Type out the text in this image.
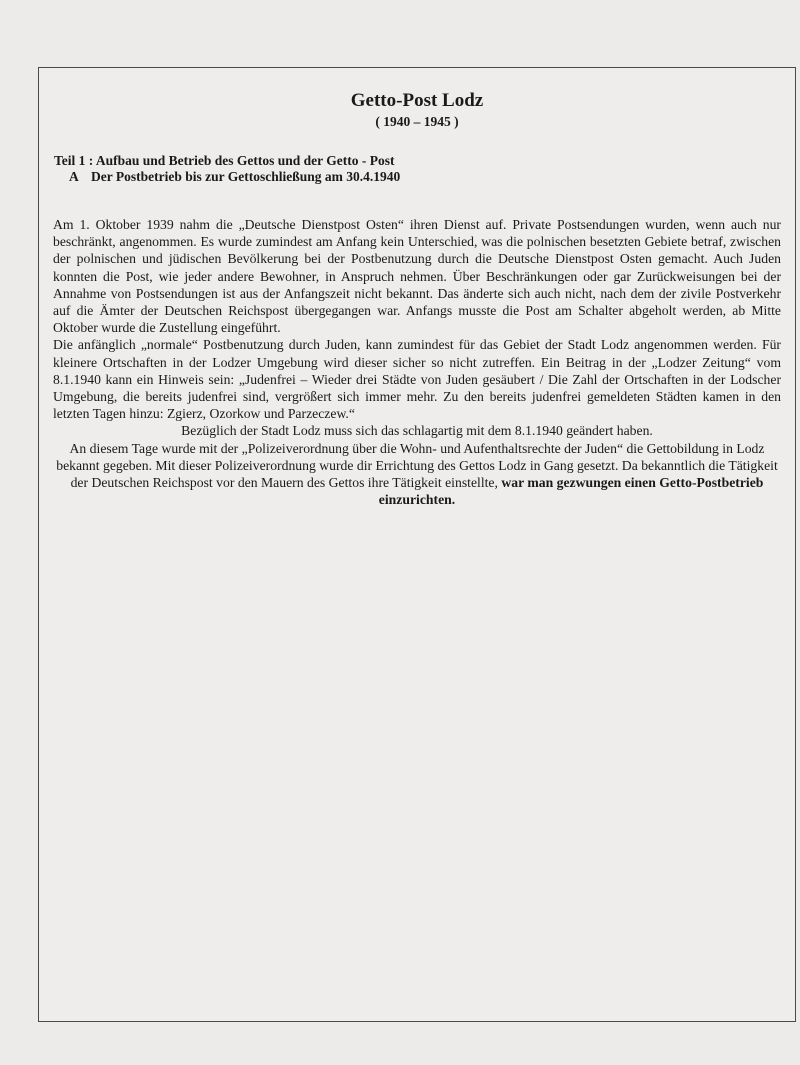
Getto-Post Lodz
( 1940 – 1945 )
Teil 1 : Aufbau und Betrieb des Gettos und der Getto - Post
A Der Postbetrieb bis zur Gettoschließung am 30.4.1940

Am 1. Oktober 1939 nahm die „Deutsche Dienstpost Osten“ ihren Dienst auf. Private Postsendungen wurden, wenn auch nur beschränkt, angenommen. Es wurde zumindest am Anfang kein Unterschied, was die polnischen besetzten Gebiete betraf, zwischen der polnischen und jüdischen Bevölkerung bei der Postbenutzung durch die Deutsche Dienstpost Osten gemacht. Auch Juden konnten die Post, wie jeder andere Bewohner, in Anspruch nehmen. Über Beschränkungen oder gar Zurückweisungen bei der Annahme von Postsendungen ist aus der Anfangszeit nicht bekannt. Das änderte sich auch nicht, nach dem der zivile Postverkehr auf die Ämter der Deutschen Reichspost übergegangen war. Anfangs musste die Post am Schalter abgeholt werden, ab Mitte Oktober wurde die Zustellung eingeführt.

Die anfänglich „normale“ Postbenutzung durch Juden, kann zumindest für das Gebiet der Stadt Lodz angenommen werden. Für kleinere Ortschaften in der Lodzer Umgebung wird dieser sicher so nicht zutreffen. Ein Beitrag in der „Lodzer Zeitung“ vom 8.1.1940 kann ein Hinweis sein: „Judenfrei – Wieder drei Städte von Juden gesäubert / Die Zahl der Ortschaften in der Lodscher Umgebung, die bereits judenfrei sind, vergrößert sich immer mehr. Zu den bereits judenfrei gemeldeten Städten kamen in den letzten Tagen hinzu: Zgierz, Ozorkow und Parzeczew.“

Bezüglich der Stadt Lodz muss sich das schlagartig mit dem 8.1.1940 geändert haben.

An diesem Tage wurde mit der „Polizeiverordnung über die Wohn- und Aufenthaltsrechte der Juden“ die Gettobildung in Lodz bekannt gegeben. Mit dieser Polizeiverordnung wurde dir Errichtung des Gettos Lodz in Gang gesetzt. Da bekanntlich die Tätigkeit der Deutschen Reichspost vor den Mauern des Gettos ihre Tätigkeit einstellte, war man gezwungen einen Getto-Postbetrieb einzurichten.
